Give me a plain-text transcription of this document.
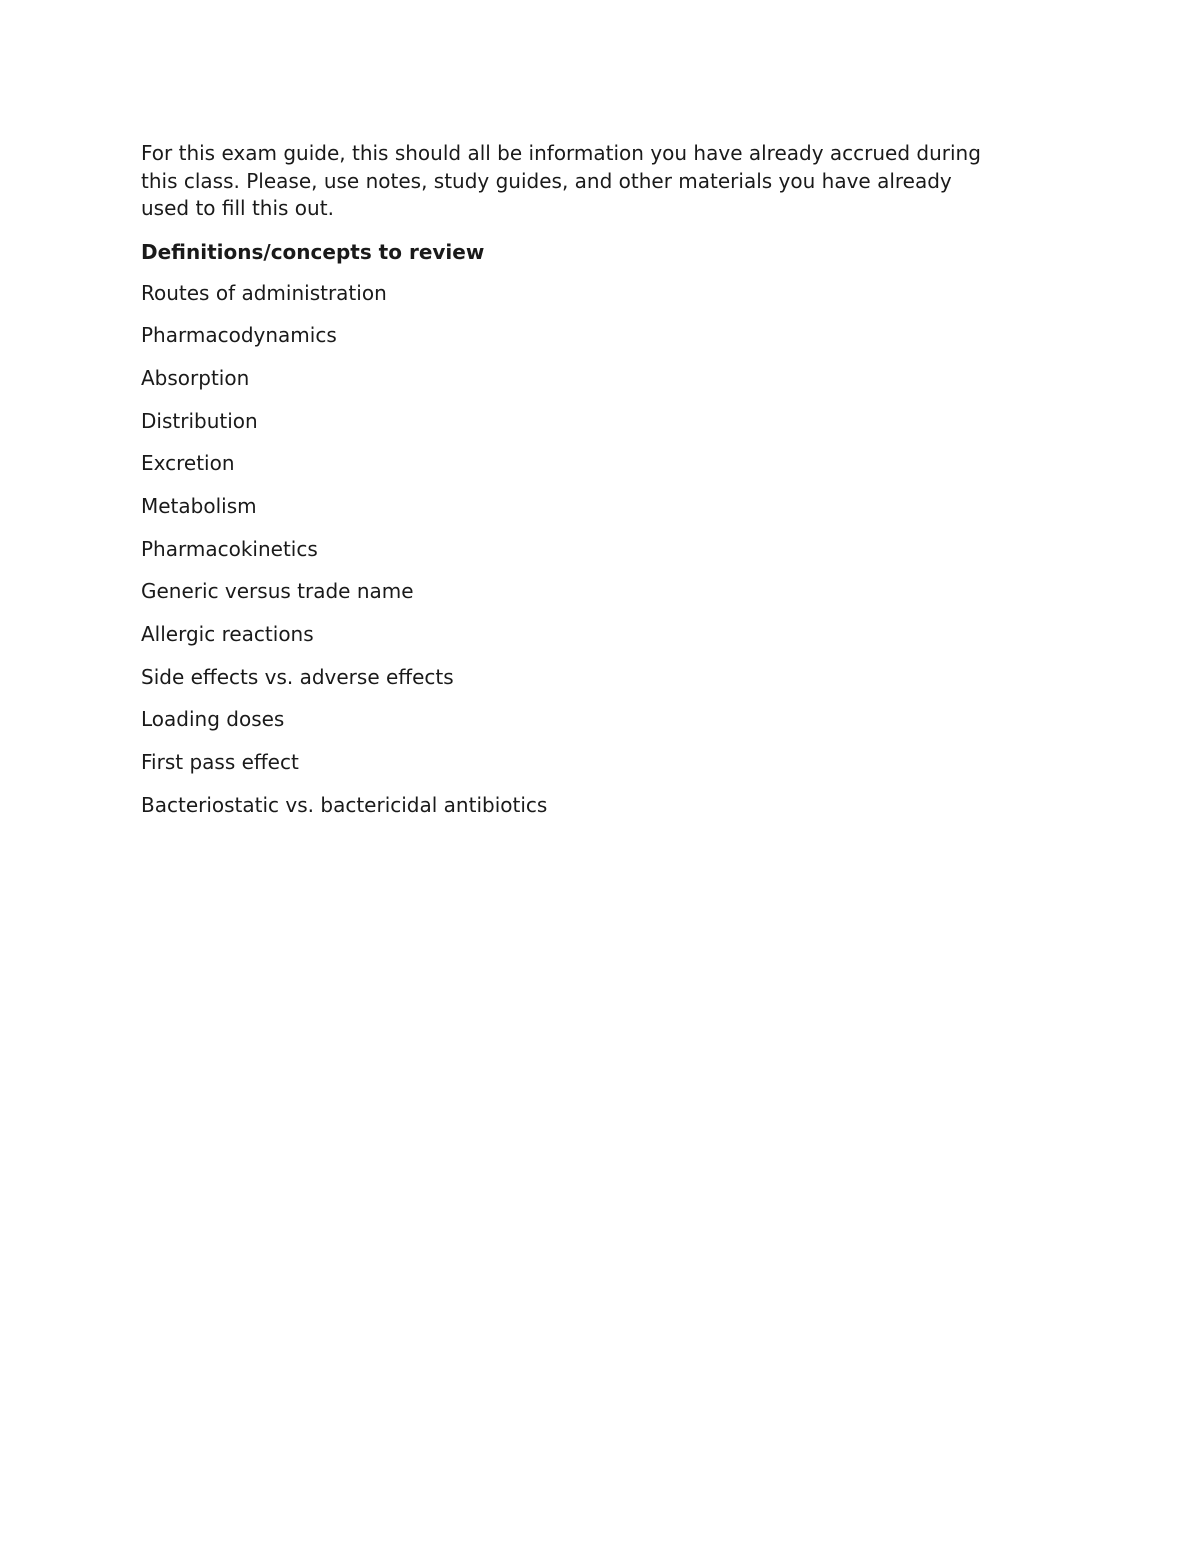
For this exam guide, this should all be information you have already accrued during
this class. Please, use notes, study guides, and other materials you have already
used to fill this out.

Definitions/concepts to review
Routes of administration
Pharmacodynamics
Absorption
Distribution
Excretion
Metabolism
Pharmacokinetics
Generic versus trade name
Allergic reactions
Side effects vs. adverse effects
Loading doses
First pass effect
Bacteriostatic vs. bactericidal antibiotics
